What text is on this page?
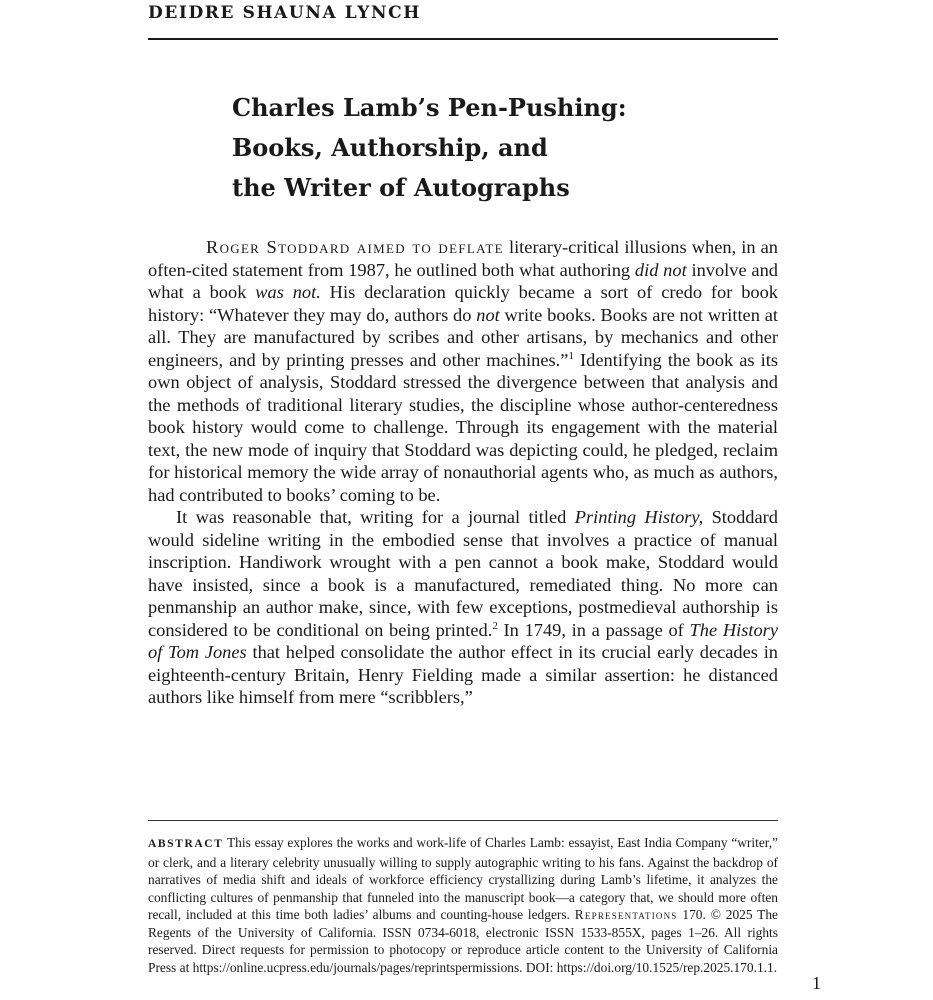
DEIDRE SHAUNA LYNCH
Charles Lamb’s Pen-Pushing:
Books, Authorship, and
the Writer of Autographs

Roger Stoddard aimed to deflate literary-critical illusions when, in an often-cited statement from 1987, he outlined both what authoring did not involve and what a book was not. His declaration quickly became a sort of credo for book history: “Whatever they may do, authors do not write books. Books are not written at all. They are manufactured by scribes and other artisans, by mechanics and other engineers, and by printing presses and other machines.”$^1$ Identifying the book as its own object of analysis, Stoddard stressed the divergence between that analysis and the methods of traditional literary studies, the discipline whose author-centeredness book history would come to challenge. Through its engagement with the material text, the new mode of inquiry that Stoddard was depicting could, he pledged, reclaim for historical memory the wide array of nonauthorial agents who, as much as authors, had contributed to books’ coming to be.

It was reasonable that, writing for a journal titled Printing History, Stoddard would sideline writing in the embodied sense that involves a practice of manual inscription. Handiwork wrought with a pen cannot a book make, Stoddard would have insisted, since a book is a manufactured, remediated thing. No more can penmanship an author make, since, with few exceptions, postmedieval authorship is considered to be conditional on being printed.$^2$ In 1749, in a passage of The History of Tom Jones that helped consolidate the author effect in its crucial early decades in eighteenth-century Britain, Henry Fielding made a similar assertion: he distanced authors like himself from mere “scribblers,”

ABSTRACT This essay explores the works and work-life of Charles Lamb: essayist, East India Company “writer,” or clerk, and a literary celebrity unusually willing to supply autographic writing to his fans. Against the backdrop of narratives of media shift and ideals of workforce efficiency crystallizing during Lamb’s lifetime, it analyzes the conflicting cultures of penmanship that funneled into the manuscript book—a category that, we should more often recall, included at this time both ladies’ albums and counting-house ledgers. Representations 170. © 2025 The Regents of the University of California. ISSN 0734-6018, electronic ISSN 1533-855X, pages 1–26. All rights reserved. Direct requests for permission to photocopy or reproduce article content to the University of California Press at https://online.ucpress.edu/journals/pages/reprintspermissions. DOI: https://doi.org/10.1525/rep.2025.170.1.1.
1
